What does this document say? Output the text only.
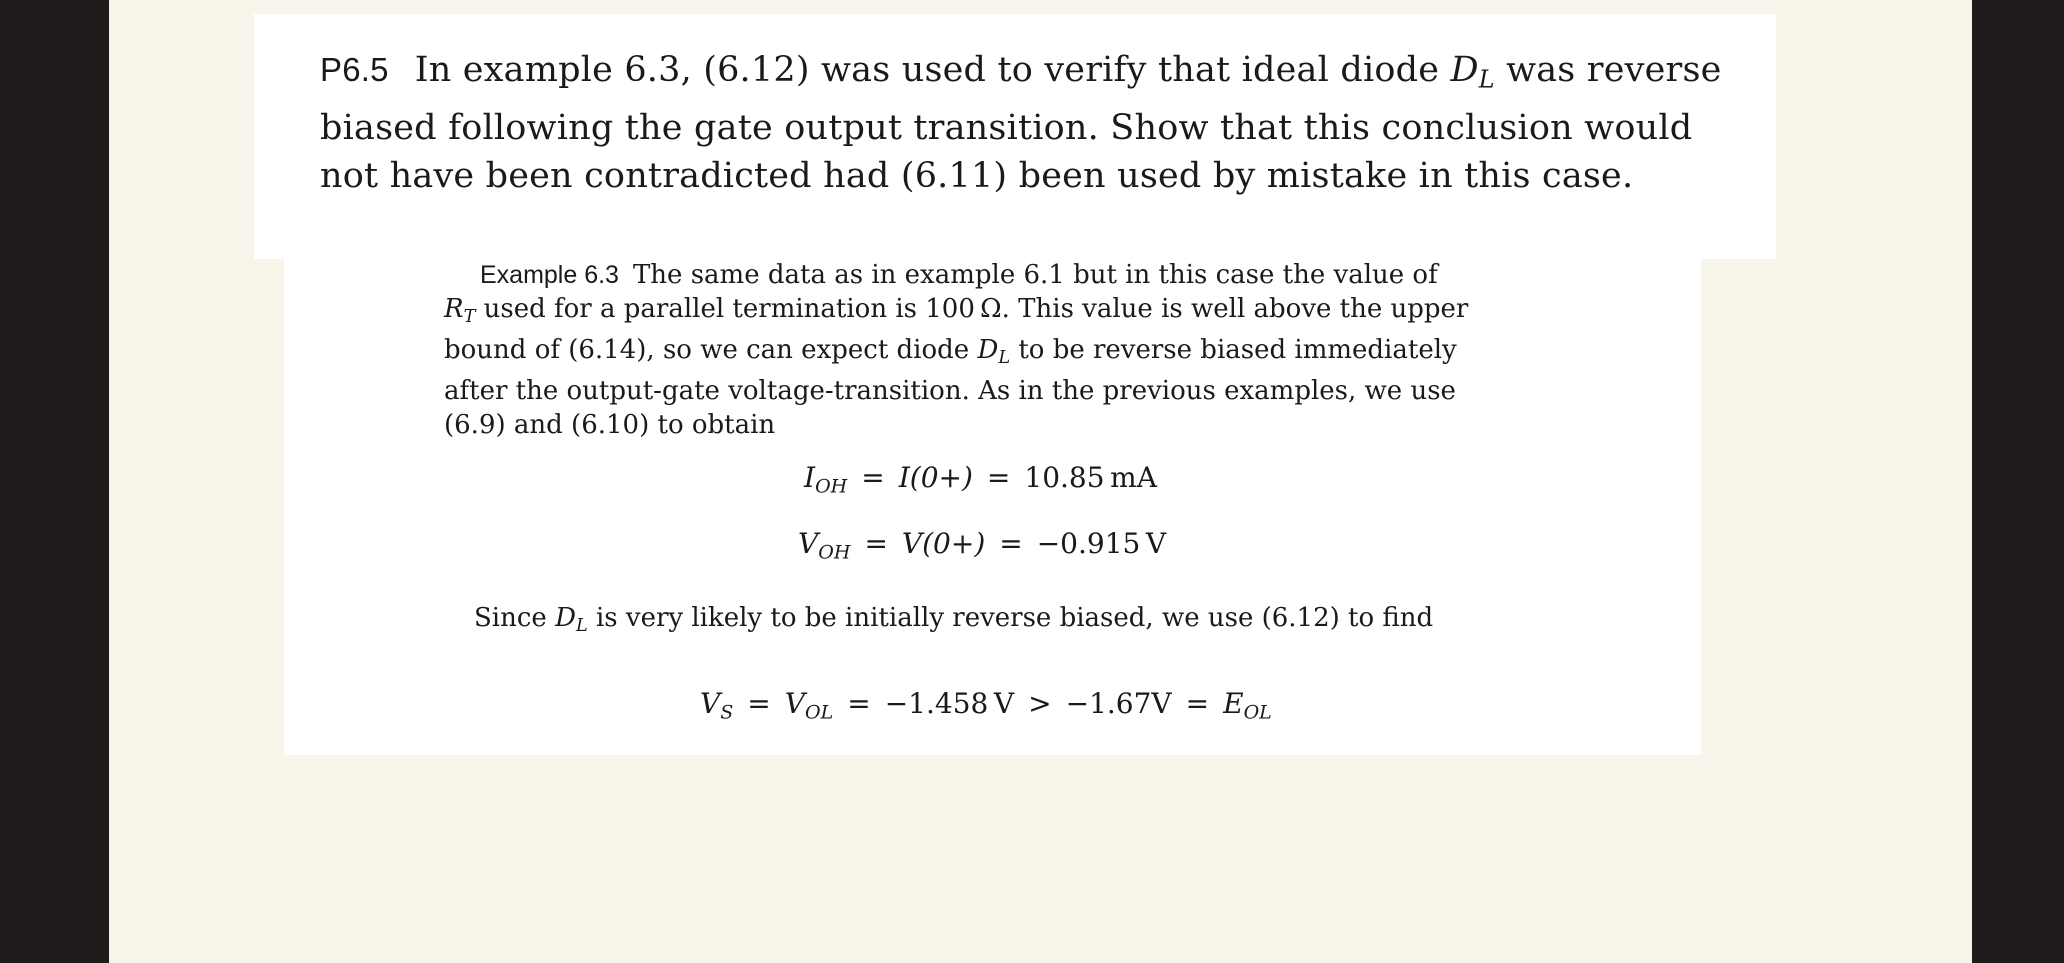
P6.5 In example 6.3, (6.12) was used to verify that ideal diode $D_L$ was reverse
biased following the gate output transition. Show that this conclusion would
not have been contradicted had (6.11) been used by mistake in this case.
Example 6.3 The same data as in example 6.1 but in this case the value of
$R_T$ used for a parallel termination is 100 Ω. This value is well above the upper
bound of (6.14), so we can expect diode $D_L$ to be reverse biased immediately
after the output-gate voltage-transition. As in the previous examples, we use
(6.9) and (6.10) to obtain
$I_{OH} = I(0+) = 10.85$ mA
$V_{OH} = V(0+) = -0.915$ V
Since $D_L$ is very likely to be initially reverse biased, we use (6.12) to find
$V_S = V_{OL} = -1.458$ $V > -1.67V = E_{OL}$
